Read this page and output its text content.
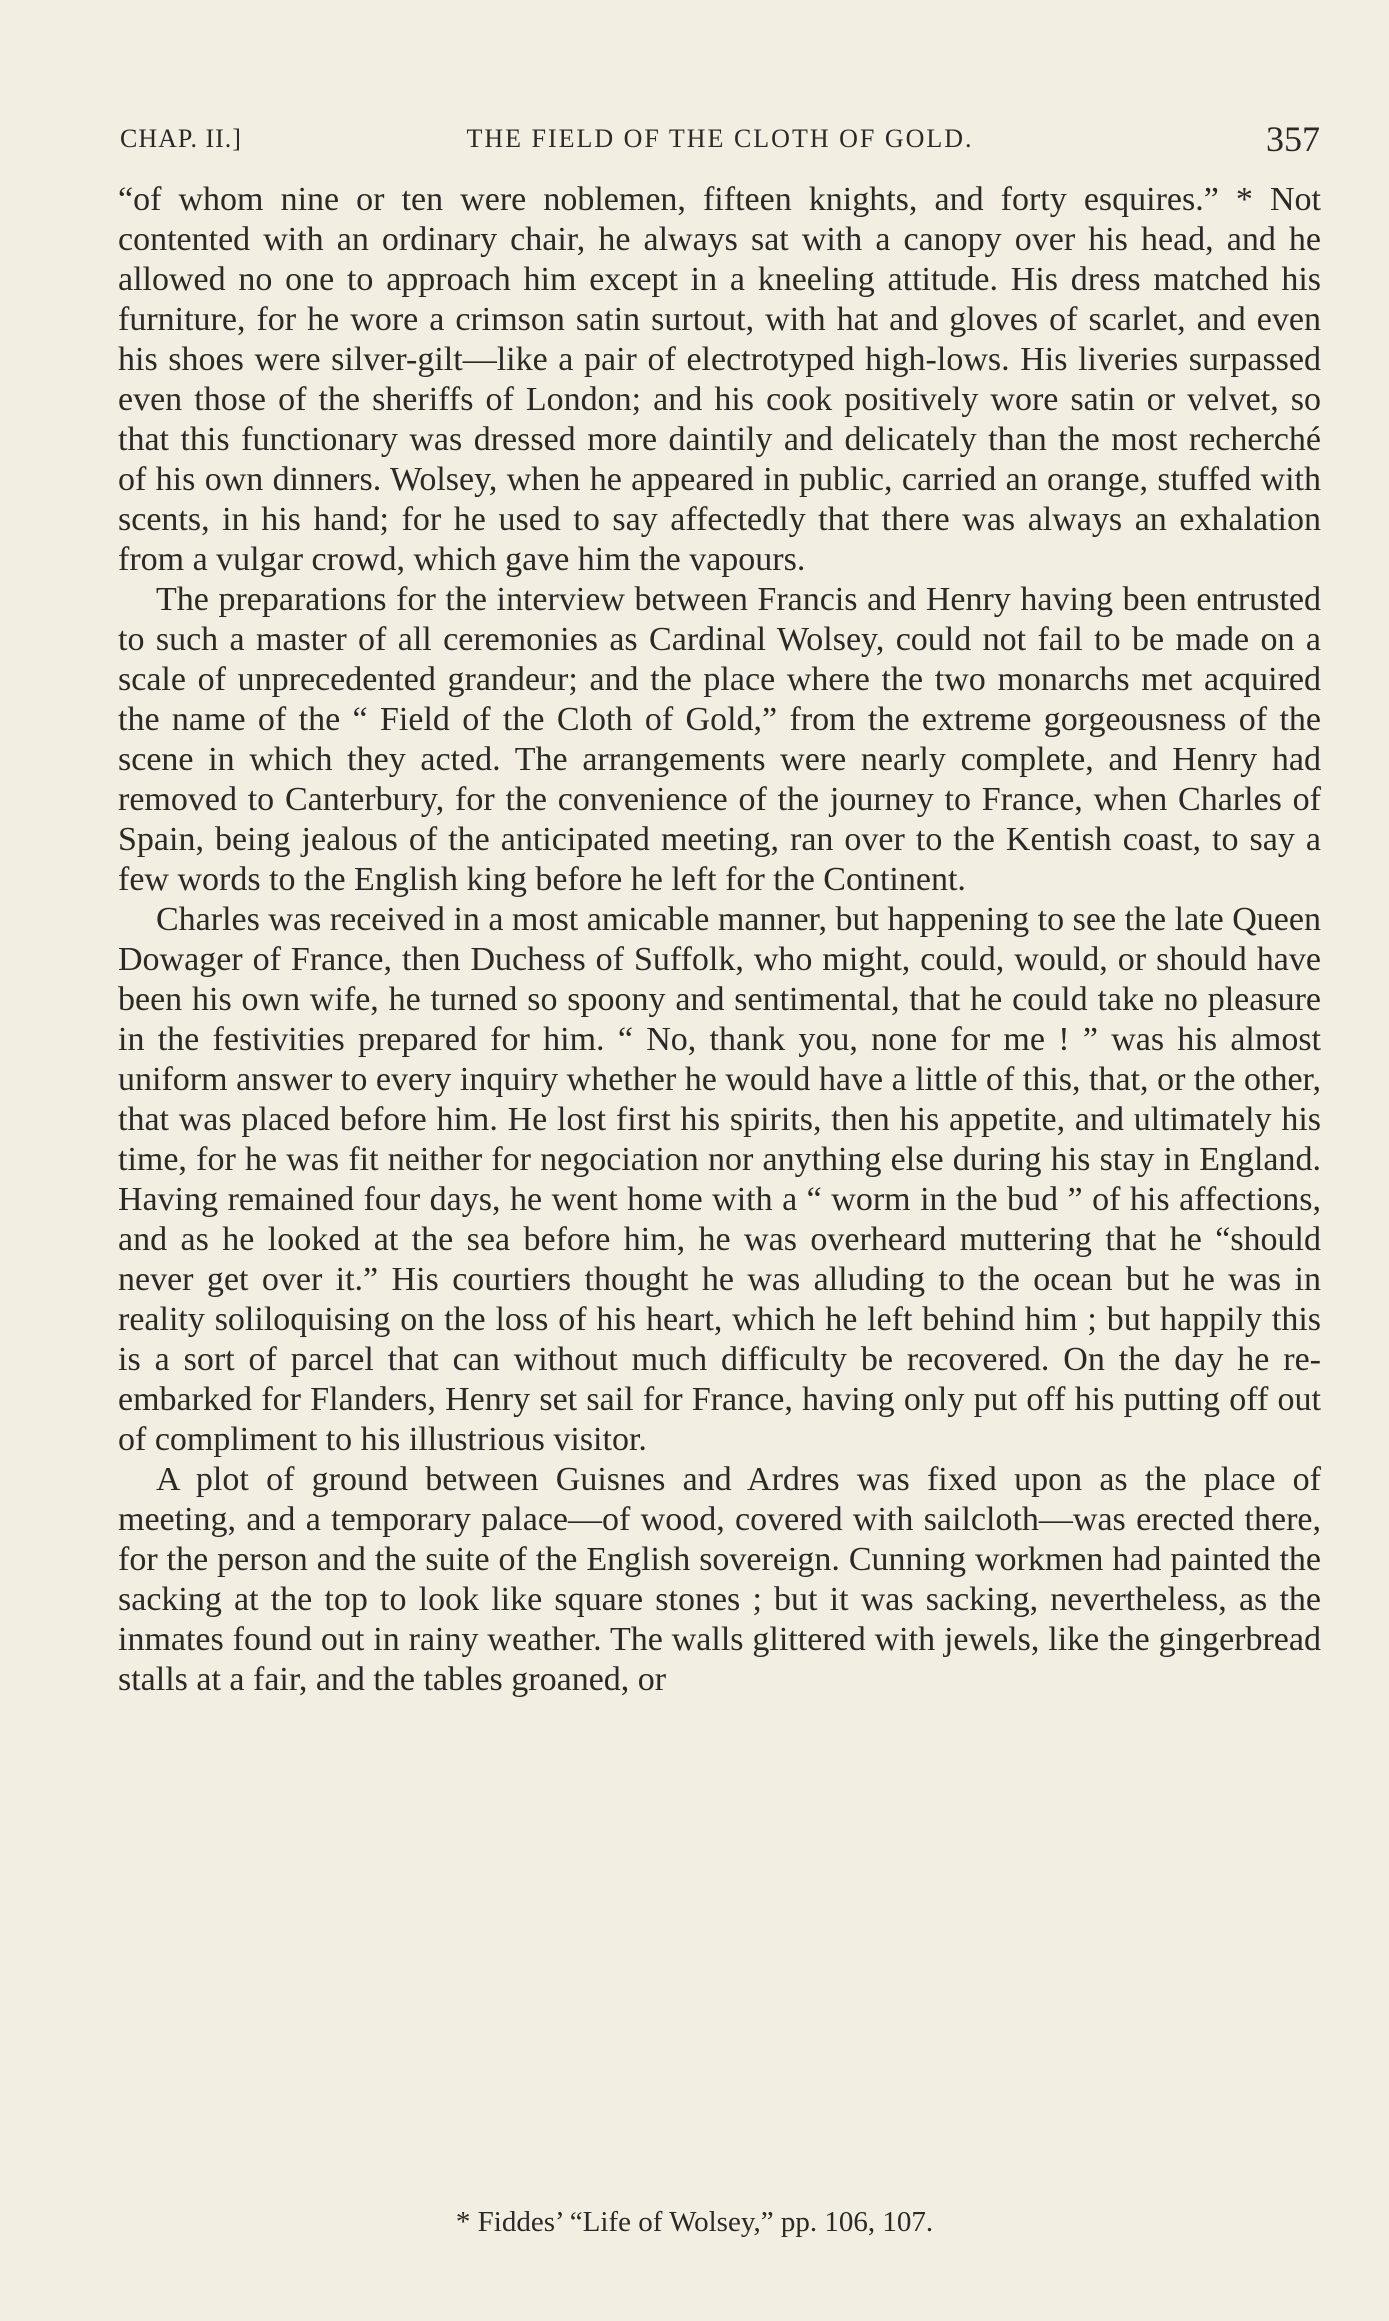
CHAP. II.]	THE FIELD OF THE CLOTH OF GOLD.	357

“of whom nine or ten were noblemen, fifteen knights, and forty esquires.” * Not contented with an ordinary chair, he always sat with a canopy over his head, and he allowed no one to approach him except in a kneeling attitude. His dress matched his furniture, for he wore a crimson satin surtout, with hat and gloves of scarlet, and even his shoes were silver-gilt—like a pair of electrotyped high-lows. His liveries surpassed even those of the sheriffs of London; and his cook positively wore satin or velvet, so that this functionary was dressed more daintily and delicately than the most recherché of his own dinners. Wolsey, when he appeared in public, carried an orange, stuffed with scents, in his hand; for he used to say affectedly that there was always an exhalation from a vulgar crowd, which gave him the vapours.

The preparations for the interview between Francis and Henry having been entrusted to such a master of all ceremonies as Cardinal Wolsey, could not fail to be made on a scale of unprecedented grandeur; and the place where the two monarchs met acquired the name of the “ Field of the Cloth of Gold,” from the extreme gorgeousness of the scene in which they acted. The arrangements were nearly complete, and Henry had removed to Canterbury, for the convenience of the journey to France, when Charles of Spain, being jealous of the anticipated meeting, ran over to the Kentish coast, to say a few words to the English king before he left for the Continent.

Charles was received in a most amicable manner, but happening to see the late Queen Dowager of France, then Duchess of Suffolk, who might, could, would, or should have been his own wife, he turned so spoony and sentimental, that he could take no pleasure in the festivities prepared for him. “ No, thank you, none for me ! ” was his almost uniform answer to every inquiry whether he would have a little of this, that, or the other, that was placed before him. He lost first his spirits, then his appetite, and ultimately his time, for he was fit neither for negociation nor anything else during his stay in England. Having remained four days, he went home with a “ worm in the bud ” of his affections, and as he looked at the sea before him, he was overheard muttering that he “should never get over it.” His courtiers thought he was alluding to the ocean but he was in reality soliloquising on the loss of his heart, which he left behind him ; but happily this is a sort of parcel that can without much difficulty be recovered. On the day he re-embarked for Flanders, Henry set sail for France, having only put off his putting off out of compliment to his illustrious visitor.

A plot of ground between Guisnes and Ardres was fixed upon as the place of meeting, and a temporary palace—of wood, covered with sailcloth—was erected there, for the person and the suite of the English sovereign. Cunning workmen had painted the sacking at the top to look like square stones ; but it was sacking, nevertheless, as the inmates found out in rainy weather. The walls glittered with jewels, like the gingerbread stalls at a fair, and the tables groaned, or

* Fiddes’ “Life of Wolsey,” pp. 106, 107.
